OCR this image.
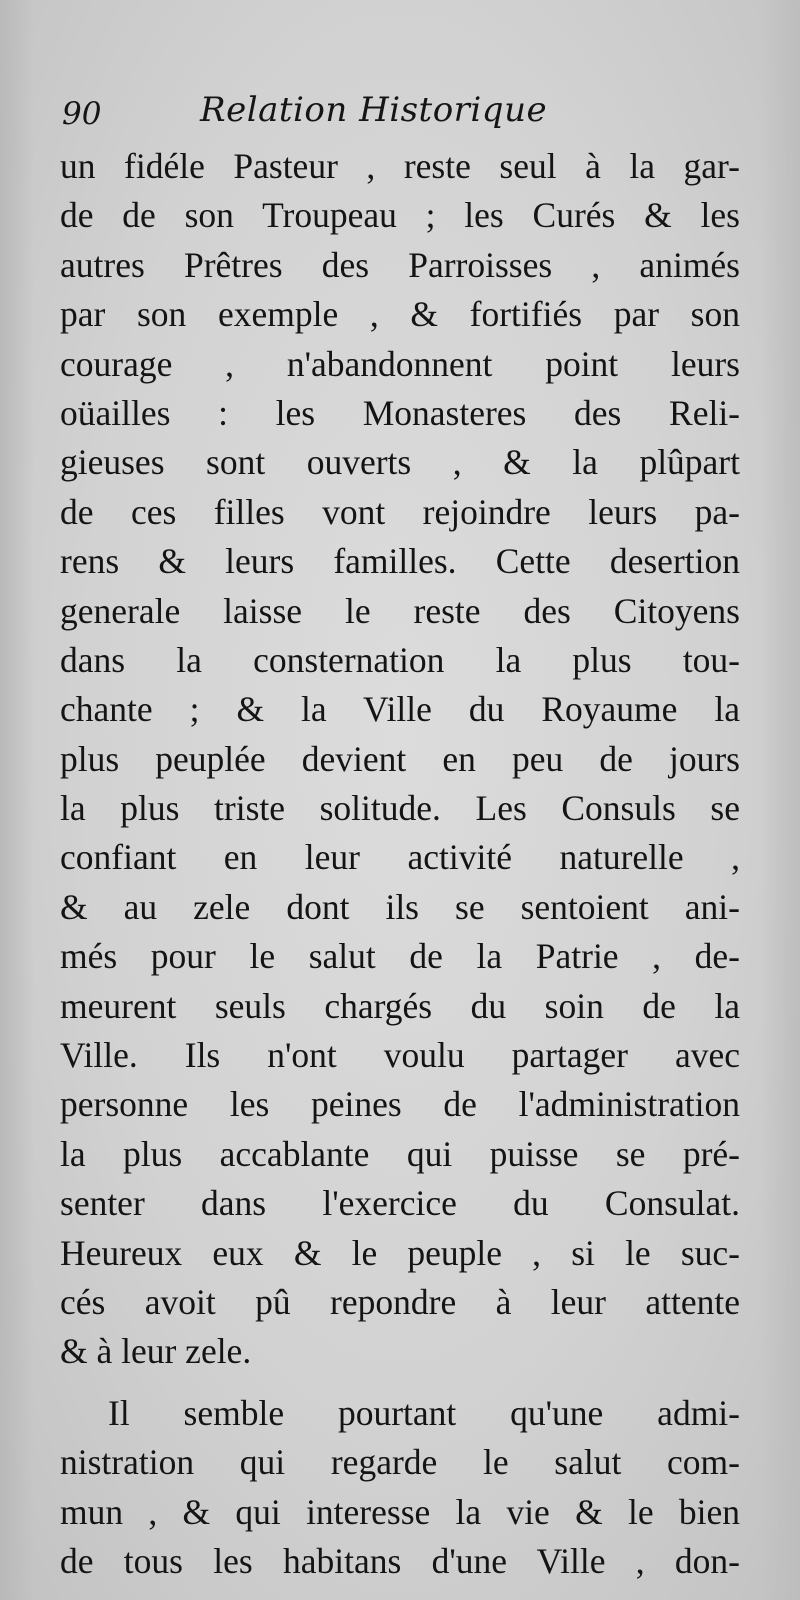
90	Relation Historique
un fidéle Pasteur , reste seul à la gar-
de de son Troupeau ; les Curés & les
autres Prêtres des Parroisses , animés
par son exemple , & fortifiés par son
courage , n'abandonnent point leurs
oüailles : les Monasteres des Reli-
gieuses sont ouverts , & la plûpart
de ces filles vont rejoindre leurs pa-
rens & leurs familles. Cette desertion
generale laisse le reste des Citoyens
dans la consternation la plus tou-
chante ; & la Ville du Royaume la
plus peuplée devient en peu de jours
la plus triste solitude. Les Consuls se
confiant en leur activité naturelle ,
& au zele dont ils se sentoient ani-
més pour le salut de la Patrie , de-
meurent seuls chargés du soin de la
Ville. Ils n'ont voulu partager avec
personne les peines de l'administration
la plus accablante qui puisse se pré-
senter dans l'exercice du Consulat.
Heureux eux & le peuple , si le suc-
cés avoit pû repondre à leur attente
& à leur zele.
Il semble pourtant qu'une admi-
nistration qui regarde le salut com-
mun , & qui interesse la vie & le bien
de tous les habitans d'une Ville , don-
